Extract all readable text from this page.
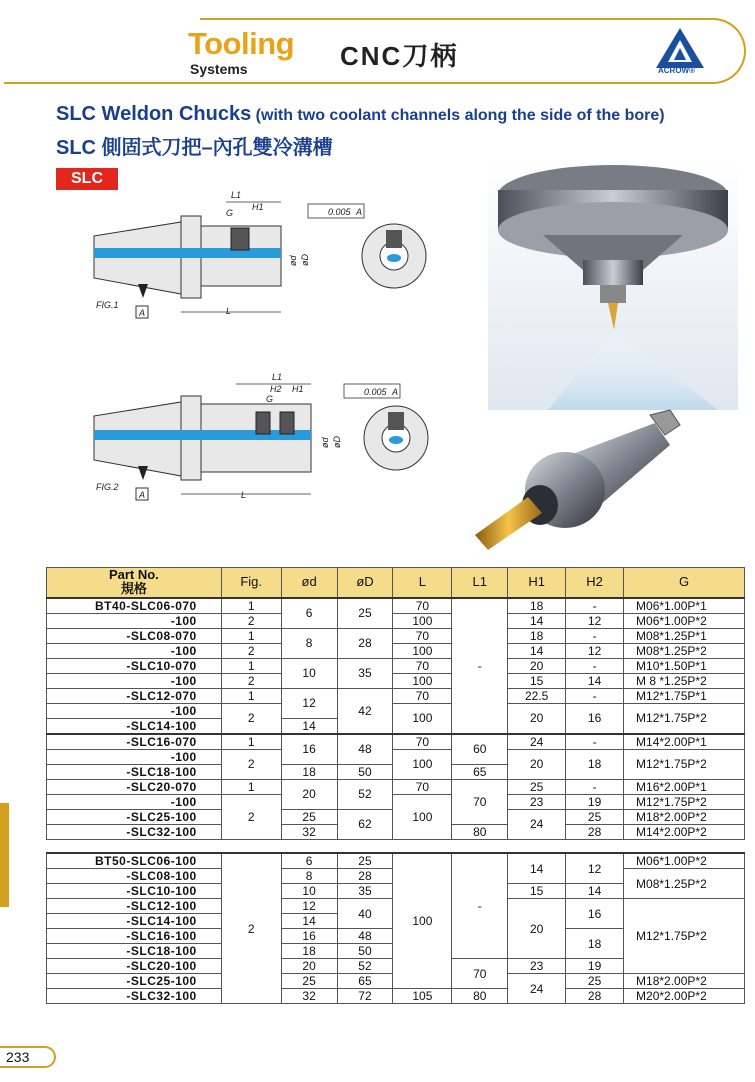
Tooling
Systems	CNC刀柄	ACROW®
SLC Weldon Chucks (with two coolant channels along the side of the bore)
SLC 側固式刀把–內孔雙冷溝槽
SLC
A
FIG.1
L1
H1
G
L
ød øD
0.005 A
A
FIG.2
L1
H2 H1
G
L
ød øD
0.005 A
Part No.
規格	Fig.	ød	øD	L	L1	H1	H2	G
BT40-SLC06-070	1	6	25	70	-	18	-	M06*1.00P*1
-100	2			100		14	12	M06*1.00P*2
-SLC08-070	1	8	28	70		18	-	M08*1.25P*1
-100	2			100		14	12	M08*1.25P*2
-SLC10-070	1	10	35	70		20	-	M10*1.50P*1
-100	2			100		15	14	M 8 *1.25P*2
-SLC12-070	1	12	42	70		22.5	-	M12*1.75P*1
-100	2			100		20	16	M12*1.75P*2
-SLC14-100		14						
-SLC16-070	1	16	48	70	60	24	-	M14*2.00P*1
-100	2			100		20	18	M12*1.75P*2
-SLC18-100		18	50		65			
-SLC20-070	1	20	52	70	70	25	-	M16*2.00P*1
-100	2			100		23	19	M12*1.75P*2
-SLC25-100		25	62			24	25	M18*2.00P*2
-SLC32-100		32			80		28	M14*2.00P*2

BT50-SLC06-100	2	6	25	100	-	14	12	M06*1.00P*2
-SLC08-100		8	28					M08*1.25P*2
-SLC10-100		10	35			15	14	
-SLC12-100		12	40			20	16	M12*1.75P*2
-SLC14-100		14						
-SLC16-100		16	48				18	
-SLC18-100		18	50					
-SLC20-100		20	52		70	23	19	
-SLC25-100		25	65			24	25	M18*2.00P*2
-SLC32-100		32	72	105	80		28	M20*2.00P*2
233
